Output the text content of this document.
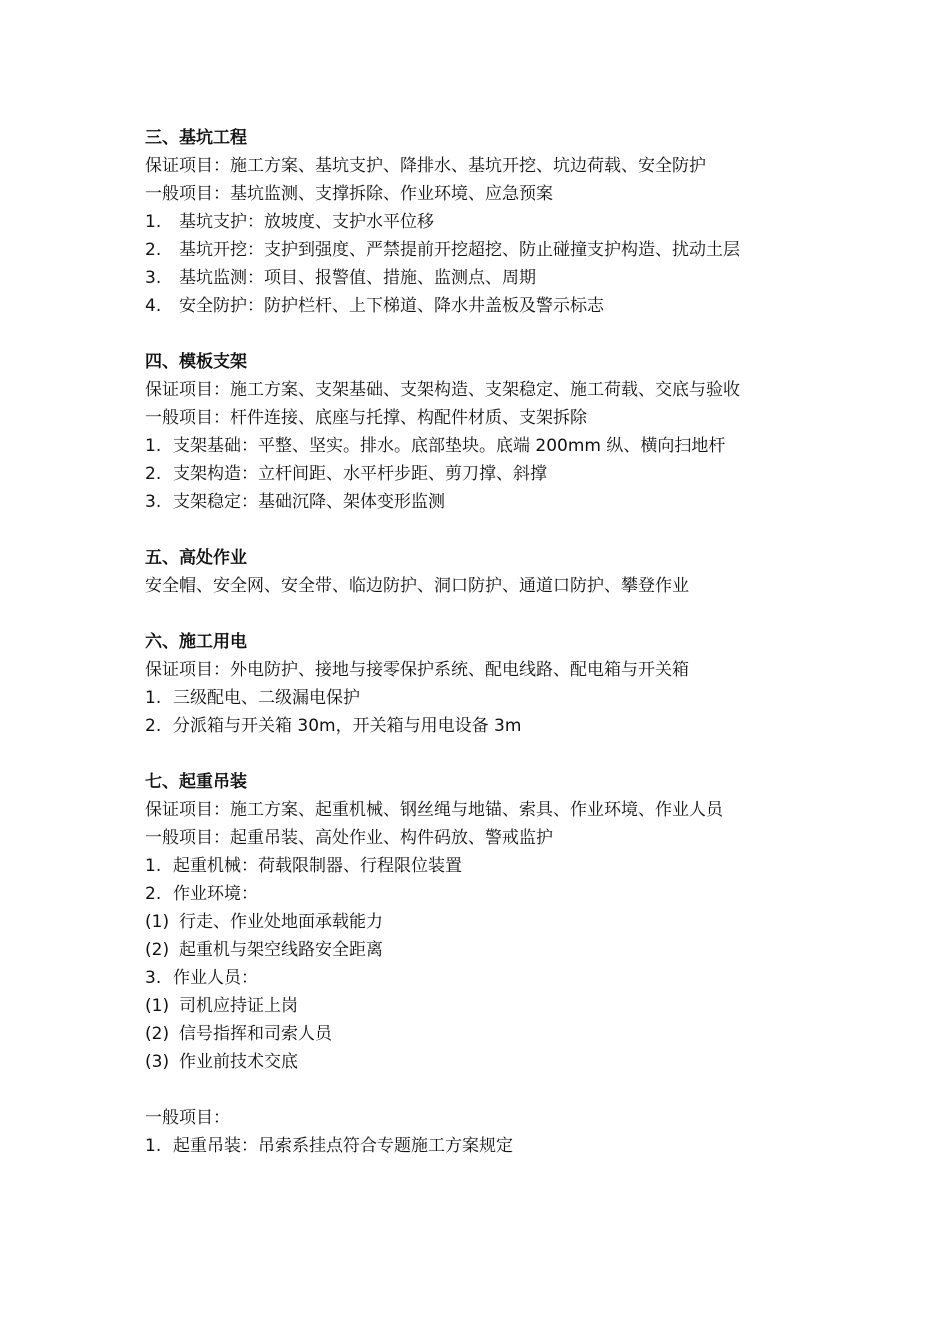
三、基坑工程
保证项目：施工方案、基坑支护、降排水、基坑开挖、坑边荷载、安全防护
一般项目：基坑监测、支撑拆除、作业环境、应急预案
1.	基坑支护：放坡度、支护水平位移
2.	基坑开挖：支护到强度、严禁提前开挖超挖、防止碰撞支护构造、扰动土层
3.	基坑监测：项目、报警值、措施、监测点、周期
4.	安全防护：防护栏杆、上下梯道、降水井盖板及警示标志
四、模板支架
保证项目：施工方案、支架基础、支架构造、支架稳定、施工荷载、交底与验收
一般项目：杆件连接、底座与托撑、构配件材质、支架拆除
1. 支架基础：平整、坚实。排水。底部垫块。底端 200mm 纵、横向扫地杆
2. 支架构造：立杆间距、水平杆步距、剪刀撑、斜撑
3. 支架稳定：基础沉降、架体变形监测
五、高处作业
安全帽、安全网、安全带、临边防护、洞口防护、通道口防护、攀登作业
六、施工用电
保证项目：外电防护、接地与接零保护系统、配电线路、配电箱与开关箱
1. 三级配电、二级漏电保护
2. 分派箱与开关箱 30m，开关箱与用电设备 3m
七、起重吊装
保证项目：施工方案、起重机械、钢丝绳与地锚、索具、作业环境、作业人员
一般项目：起重吊装、高处作业、构件码放、警戒监护
1. 起重机械：荷载限制器、行程限位装置
2. 作业环境：
(1) 行走、作业处地面承载能力
(2) 起重机与架空线路安全距离
3. 作业人员：
(1) 司机应持证上岗
(2) 信号指挥和司索人员
(3) 作业前技术交底
一般项目：
1. 起重吊装：吊索系挂点符合专题施工方案规定
